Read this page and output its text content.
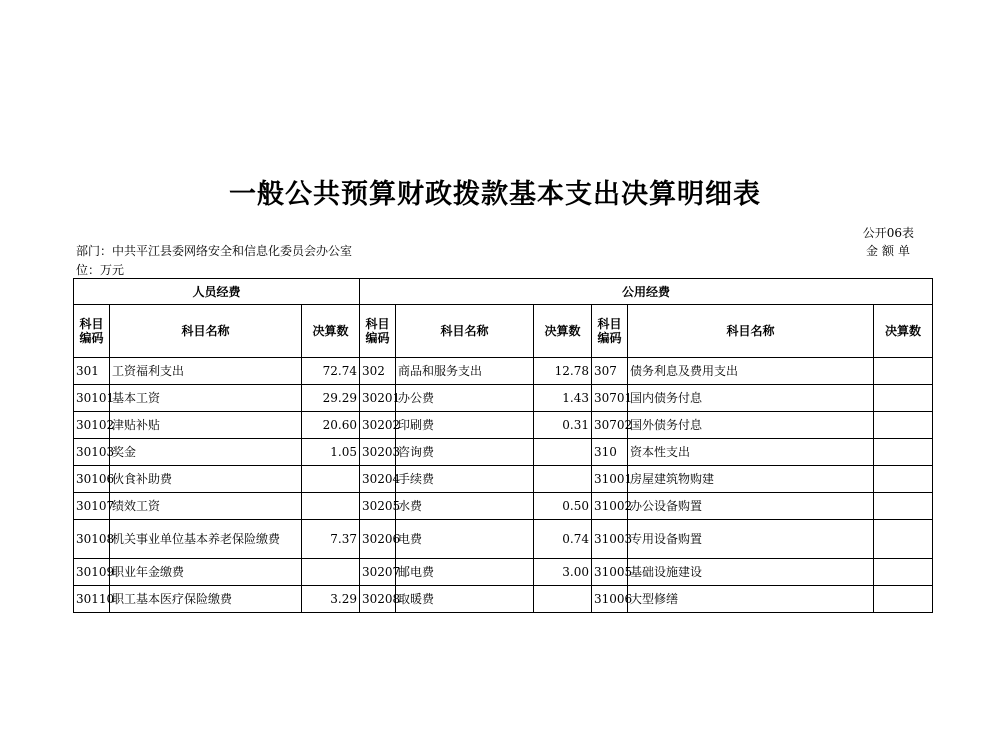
一般公共预算财政拨款基本支出决算明细表
公开06表
部门：中共平江县委网络安全和信息化委员会办公室	金额单
位：万元
人员经费			公用经费					
科目编码	科目名称	决算数	科目编码	科目名称	决算数	科目编码	科目名称	决算数
301	工资福利支出	72.74	302	商品和服务支出	12.78	307	债务利息及费用支出	
30101	基本工资	29.29	30201	办公费	1.43	30701	国内债务付息	
30102	津贴补贴	20.60	30202	印刷费	0.31	30702	国外债务付息	
30103	奖金	1.05	30203	咨询费		310	资本性支出	
30106	伙食补助费		30204	手续费		31001	房屋建筑物购建	
30107	绩效工资		30205	水费	0.50	31002	办公设备购置	
30108	机关事业单位基本养老保险缴费	7.37	30206	电费	0.74	31003	专用设备购置	
30109	职业年金缴费		30207	邮电费	3.00	31005	基础设施建设	
30110	职工基本医疗保险缴费	3.29	30208	取暖费		31006	大型修缮	
